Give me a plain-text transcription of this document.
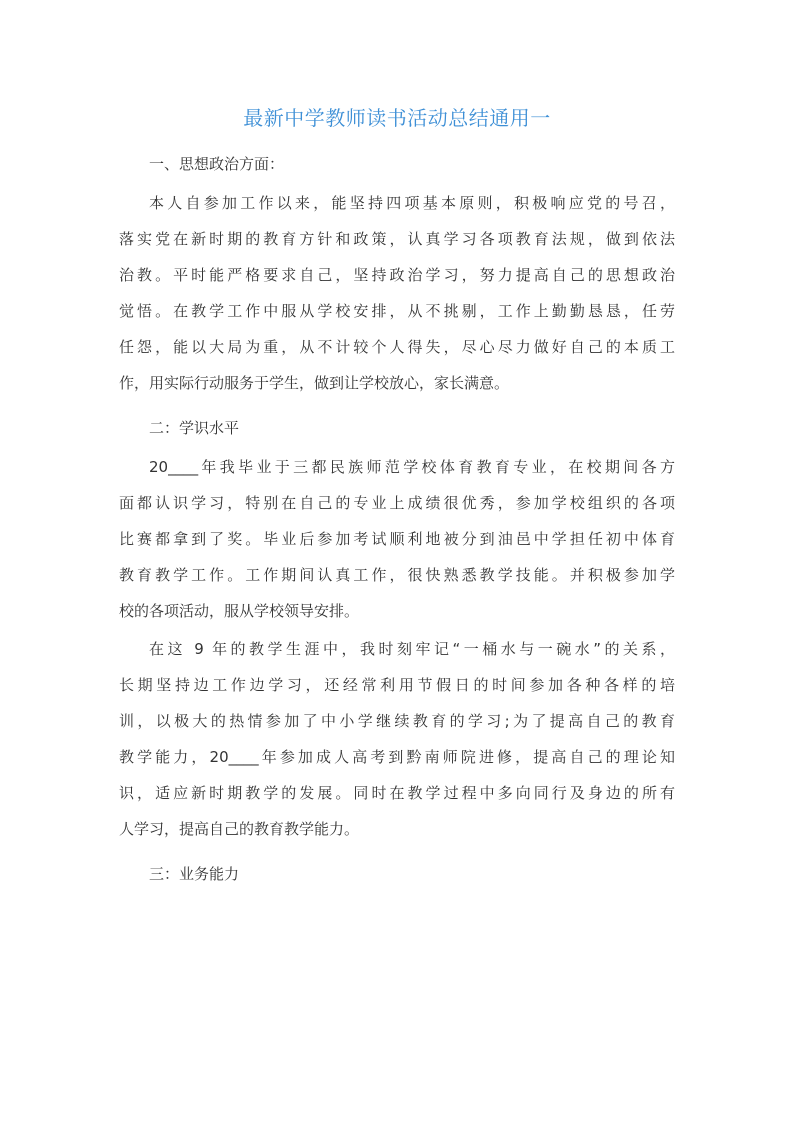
最新中学教师读书活动总结通用一
一、思想政治方面：
本人自参加工作以来，能坚持四项基本原则，积极响应党的号召，
落实党在新时期的教育方针和政策，认真学习各项教育法规，做到依法
治教。平时能严格要求自己，坚持政治学习，努力提高自己的思想政治
觉悟。在教学工作中服从学校安排，从不挑剔，工作上勤勤恳恳，任劳
任怨，能以大局为重，从不计较个人得失，尽心尽力做好自己的本质工
作，用实际行动服务于学生，做到让学校放心，家长满意。
二：学识水平
20____年我毕业于三都民族师范学校体育教育专业，在校期间各方
面都认识学习，特别在自己的专业上成绩很优秀，参加学校组织的各项
比赛都拿到了奖。毕业后参加考试顺利地被分到油邑中学担任初中体育
教育教学工作。工作期间认真工作，很快熟悉教学技能。并积极参加学
校的各项活动，服从学校领导安排。
在这 9 年的教学生涯中，我时刻牢记“一桶水与一碗水”的关系，
长期坚持边工作边学习，还经常利用节假日的时间参加各种各样的培
训，以极大的热情参加了中小学继续教育的学习;为了提高自己的教育
教学能力，20____年参加成人高考到黔南师院进修，提高自己的理论知
识，适应新时期教学的发展。同时在教学过程中多向同行及身边的所有
人学习，提高自己的教育教学能力。
三：业务能力
